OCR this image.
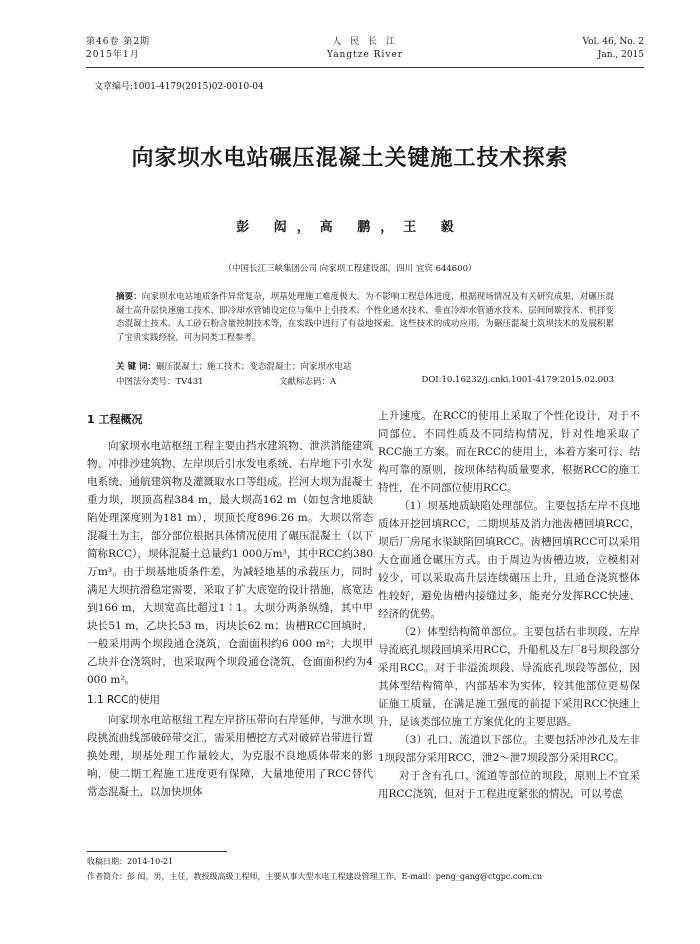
第46卷 第2期
2015年1月
人 民 长 江
Yangtze River
Vol. 46, No. 2
Jan., 2015
文章编号:1001-4179(2015)02-0010-04
向家坝水电站碾压混凝土关键施工技术探索
彭 闳，高 鹏，王 毅
（中国长江三峡集团公司 向家坝工程建设部，四川 宜宾 644600）
摘要：向家坝水电站地质条件异常复杂，坝基处理施工难度极大。为不影响工程总体进度，根据现场情况及有关研究成果，对碾压混凝土高升层快速施工技术、即冷却水管铺设定位与集中上引技术、个性化通水技术、垂直冷却水管通水技术、层间间歇技术、机拌变态混凝土技术、人工砂石粉含量控制技术等，在实践中进行了有益地探索。这些技术的成功应用，为碾压混凝土筑坝技术的发展积累了宝贵实践经验，可为同类工程参考。
关 键 词：碾压混凝土；施工技术；变态混凝土；向家坝水电站
中图法分类号：TV431	文献标志码：A	DOI:10.16232/j.cnki.1001-4179.2015.02.003
1 工程概况

向家坝水电站枢纽工程主要由挡水建筑物、泄洪消能建筑物、冲排沙建筑物、左岸坝后引水发电系统、右岸地下引水发电系统、通航建筑物及灌溉取水口等组成。拦河大坝为混凝土重力坝，坝顶高程384 m，最大坝高162 m（如包含地质缺陷处理深度则为181 m），坝顶长度896.26 m。大坝以常态混凝土为主，部分部位根据具体情况使用了碾压混凝土（以下简称RCC），坝体混凝土总量约1 000万m³，其中RCC约380万m³。由于坝基地质条件差，为减轻地基的承载压力，同时满足大坝抗滑稳定需要，采取了扩大底宽的设计措施，底宽达到166 m，大坝宽高比超过1∶1。大坝分两条纵缝，其中甲块长51 m，乙块长53 m，丙块长62 m；齿槽RCC回填时，一般采用两个坝段通仓浇筑，仓面面积约6 000 m²；大坝甲乙块并仓浇筑时，也采取两个坝段通仓浇筑，仓面面积约为4 000 m²。

1.1 RCC的使用

向家坝水电站枢纽工程左岸挤压带向右岸延伸，与泄水坝段挑流曲线部破碎带交汇，需采用槽挖方式对破碎岩带进行置换处理，坝基处理工作量较大，为克服不良地质体带来的影响，使二期工程施工进度更有保障，大量地使用了RCC替代常态混凝土，以加快坝体

上升速度。在RCC的使用上采取了个性化设计，对于不同部位、不同性质及不同结构情况，针对性地采取了RCC施工方案。而在RCC的使用上，本着方案可行、结构可靠的原则，按坝体结构质量要求，根据RCC的施工特性，在不同部位使用RCC。

（1）坝基地质缺陷处理部位。主要包括左岸不良地质体开挖回填RCC，二期坝基及消力池齿槽回填RCC，坝后厂房尾水渠缺陷回填RCC。齿槽回填RCC可以采用大仓面通仓碾压方式。由于周边为齿槽边坡，立模相对较少，可以采取高升层连续碾压上升，且通仓浇筑整体性较好，避免齿槽内接缝过多，能充分发挥RCC快速、经济的优势。

（2）体型结构简单部位。主要包括右非坝段、左岸导流底孔坝段回填采用RCC，升船机及左厂8号坝段部分采用RCC。对于非溢流坝段、导流底孔坝段等部位，因其体型结构简单，内部基本为实体，较其他部位更易保证施工质量，在满足施工强度的前提下采用RCC快速上升，是该类部位施工方案优化的主要思路。

（3）孔口、流道以下部位。主要包括冲沙孔及左非1坝段部分采用RCC，泄2～泄7坝段部分采用RCC。

对于含有孔口、流道等部位的坝段，原则上不宜采用RCC浇筑，但对于工程进度紧张的情况，可以考虑

收稿日期：2014-10-21
作者简介：彭 闳，男，主任，教授级高级工程师，主要从事大型水电工程建设管理工作。E-mail：peng_gang@ctgpc.com.cn
